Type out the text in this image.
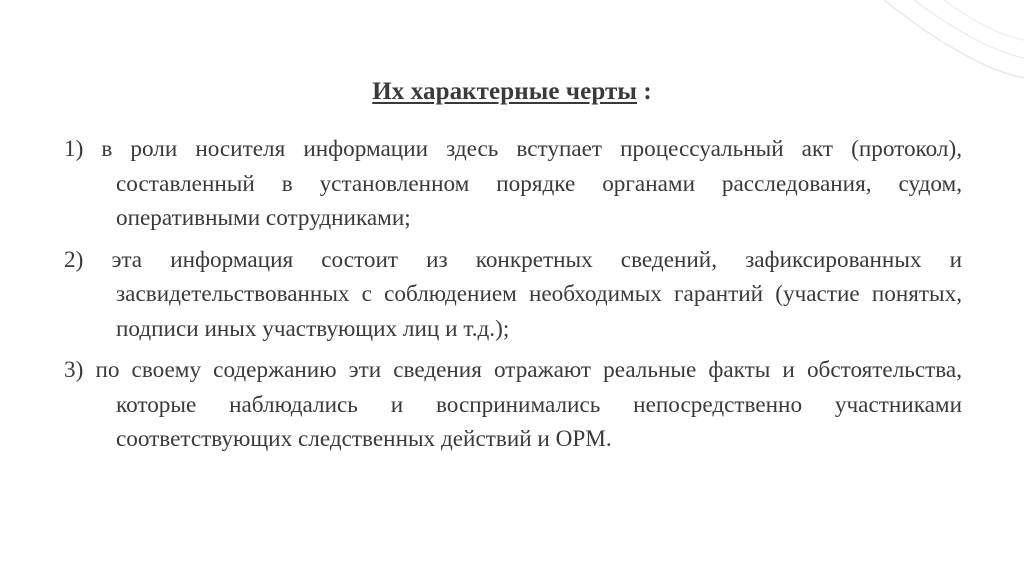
Их характерные черты :

1) в роли носителя информации здесь вступает процессуальный акт (протокол), составленный в установленном порядке органами расследования, судом, оперативными сотрудниками;

2) эта информация состоит из конкретных сведений, зафиксированных и засвидетельствованных с соблюдением необходимых гарантий (участие понятых, подписи иных участвующих лиц и т.д.);

3) по своему содержанию эти сведения отражают реальные факты и обстоятельства, которые наблюдались и воспринимались непосредственно участниками соответствующих следственных действий и ОРМ.
